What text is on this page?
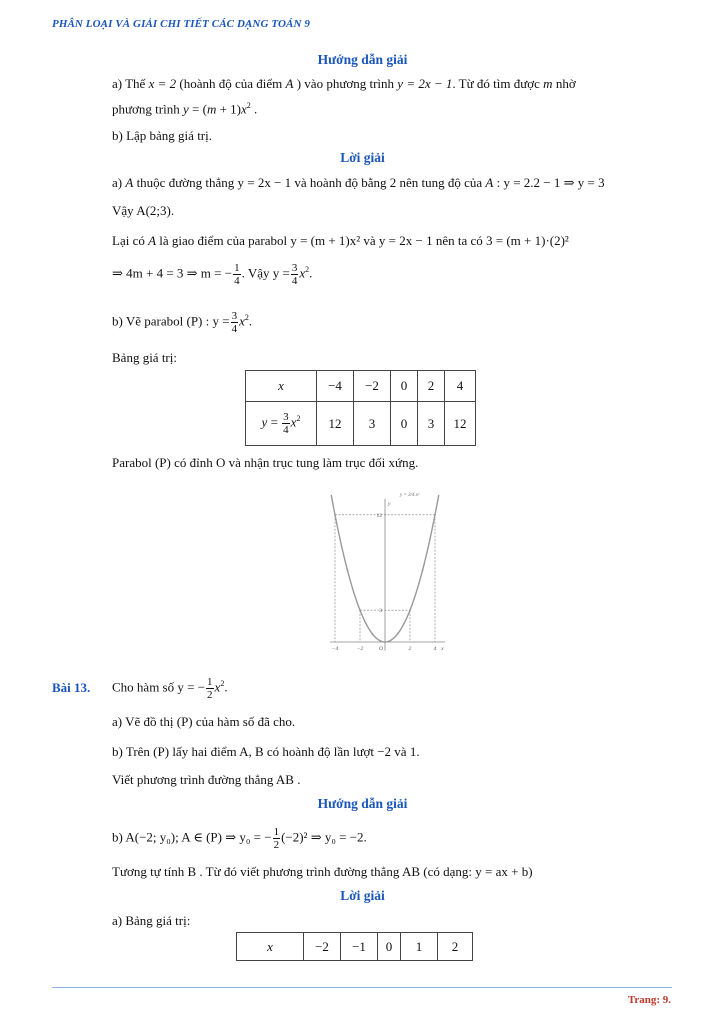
PHÂN LOẠI VÀ GIẢI CHI TIẾT CÁC DẠNG TOÁN 9
Hướng dẫn giải
a) Thế x = 2 (hoành độ của điểm A ) vào phương trình y = 2x − 1. Từ đó tìm được m nhờ
phương trình $y = (m + 1)x^2$ .
b) Lập bảng giá trị.
Lời giải
a) A thuộc đường thẳng y = 2x − 1 và hoành độ bằng 2 nên tung độ của A : y = 2.2 − 1 ⇒ y = 3
Vậy A(2;3).
Lại có A là giao điểm của parabol y = (m + 1)x² và y = 2x − 1 nên ta có 3 = (m + 1)·(2)²
⇒ 4m + 4 = 3 ⇒ m = − $\frac{1}{4}$ . Vậy $y = \frac{3}{4} x^2$.
b) Vẽ parabol (P) : $y = \frac{3}{4} x^2$.
Bảng giá trị:
x	−4	−2	0	2	4
$y = \frac{3}{4} x^2$	12	3	0	3	12
Parabol (P) có đỉnh O và nhận trục tung làm trục đối xứng.
−4	−2	O	2	4 x
12
3
y
y = 3/4 x²
Bài 13. Cho hàm số y = − $\frac{1}{2} x^2$.
a) Vẽ đồ thị (P) của hàm số đã cho.
b) Trên (P) lấy hai điểm A, B có hoành độ lần lượt −2 và 1.
Viết phương trình đường thẳng AB .
Hướng dẫn giải
b) A(−2; y₀); A ∈ (P) ⇒ y₀ = − $\frac{1}{2} (-2)^2$ ⇒ y₀ = −2.
Tương tự tính B . Từ đó viết phương trình đường thẳng AB (có dạng: y = ax + b)
Lời giải
a) Bảng giá trị:
x	−2	−1	0	1	2
Trang: 9.
